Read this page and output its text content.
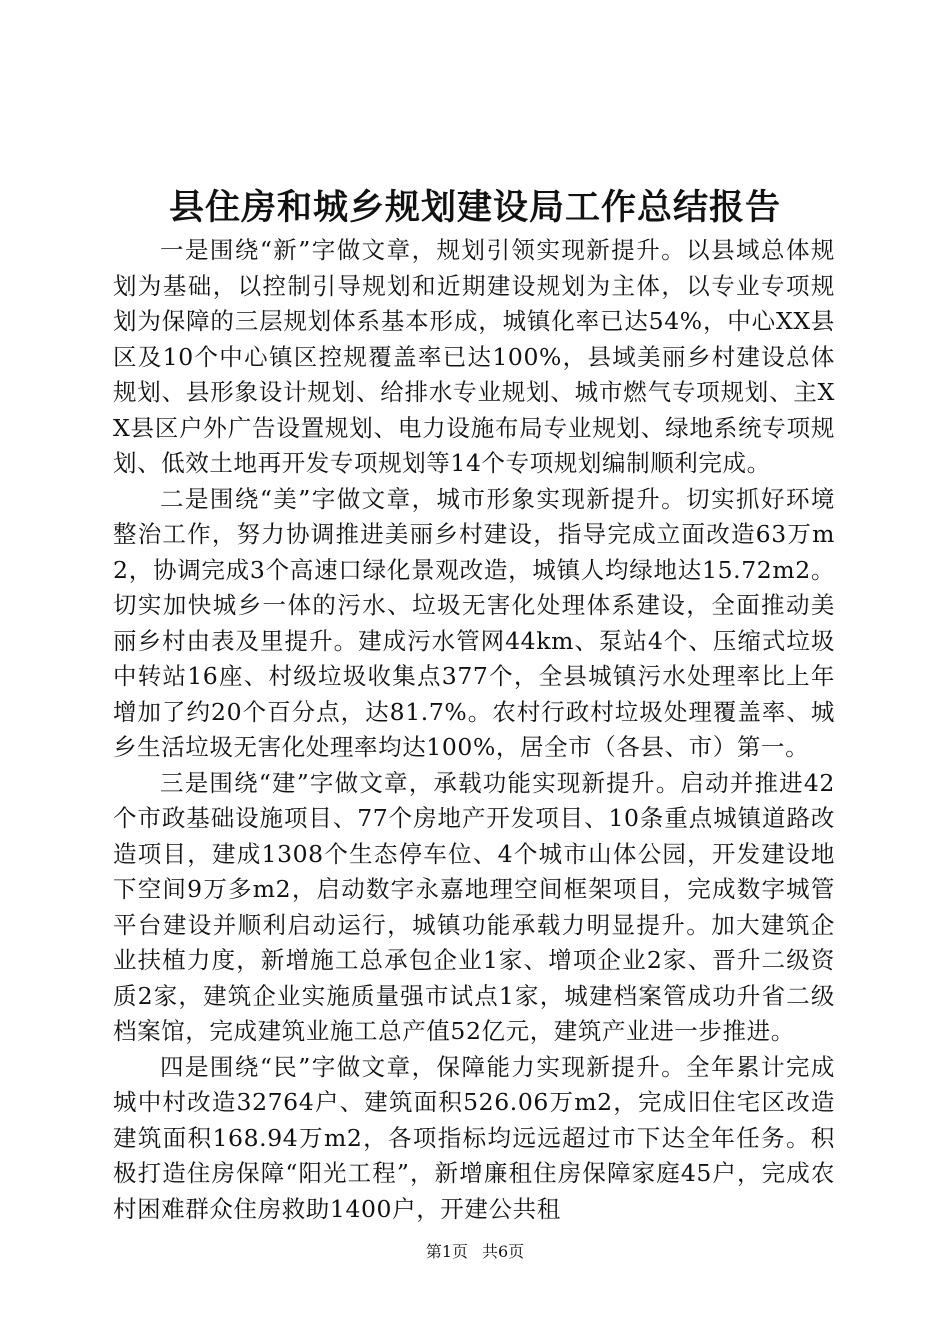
县住房和城乡规划建设局工作总结报告

一是围绕“新”字做文章，规划引领实现新提升。以县域总体规划为基础，以控制引导规划和近期建设规划为主体，以专业专项规划为保障的三层规划体系基本形成，城镇化率已达54%，中心XX县区及10个中心镇区控规覆盖率已达100%，县域美丽乡村建设总体规划、县形象设计规划、给排水专业规划、城市燃气专项规划、主XX县区户外广告设置规划、电力设施布局专业规划、绿地系统专项规划、低效土地再开发专项规划等14个专项规划编制顺利完成。

二是围绕“美”字做文章，城市形象实现新提升。切实抓好环境整治工作，努力协调推进美丽乡村建设，指导完成立面改造63万m2，协调完成3个高速口绿化景观改造，城镇人均绿地达15.72m2。切实加快城乡一体的污水、垃圾无害化处理体系建设，全面推动美丽乡村由表及里提升。建成污水管网44km、泵站4个、压缩式垃圾中转站16座、村级垃圾收集点377个，全县城镇污水处理率比上年增加了约20个百分点，达81.7%。农村行政村垃圾处理覆盖率、城乡生活垃圾无害化处理率均达100%，居全市（各县、市）第一。

三是围绕“建”字做文章，承载功能实现新提升。启动并推进42个市政基础设施项目、77个房地产开发项目、10条重点城镇道路改造项目，建成1308个生态停车位、4个城市山体公园，开发建设地下空间9万多m2，启动数字永嘉地理空间框架项目，完成数字城管平台建设并顺利启动运行，城镇功能承载力明显提升。加大建筑企业扶植力度，新增施工总承包企业1家、增项企业2家、晋升二级资质2家，建筑企业实施质量强市试点1家，城建档案管成功升省二级档案馆，完成建筑业施工总产值52亿元，建筑产业进一步推进。

四是围绕“民”字做文章，保障能力实现新提升。全年累计完成城中村改造32764户、建筑面积526.06万m2，完成旧住宅区改造建筑面积168.94万m2，各项指标均远远超过市下达全年任务。积极打造住房保障“阳光工程”，新增廉租住房保障家庭45户，完成农村困难群众住房救助1400户，开建公共租

第1页 共6页
